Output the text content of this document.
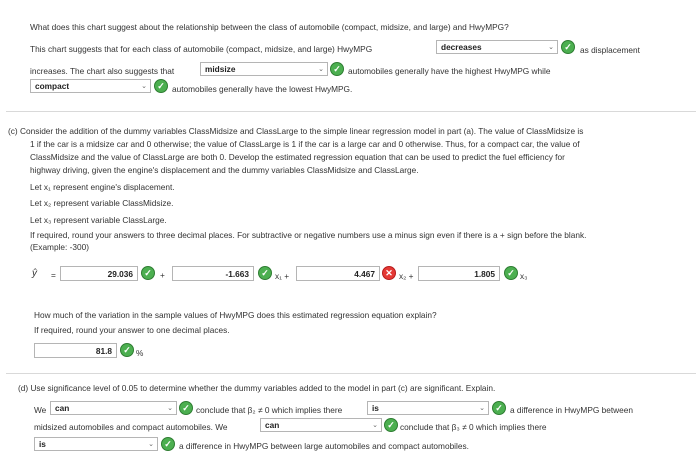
What does this chart suggest about the relationship between the class of automobile (compact, midsize, and large) and HwyMPG?
This chart suggests that for each class of automobile (compact, midsize, and large) HwyMPG	decreases	⌄	✓ as displacement
increases. The chart also suggests that	midsize	⌄	✓ automobiles generally have the highest HwyMPG while
compact	⌄	✓ automobiles generally have the lowest HwyMPG.
(c) Consider the addition of the dummy variables ClassMidsize and ClassLarge to the simple linear regression model in part (a). The value of ClassMidsize is
1 if the car is a midsize car and 0 otherwise; the value of ClassLarge is 1 if the car is a large car and 0 otherwise. Thus, for a compact car, the value of
ClassMidsize and the value of ClassLarge are both 0. Develop the estimated regression equation that can be used to predict the fuel efficiency for
highway driving, given the engine's displacement and the dummy variables ClassMidsize and ClassLarge.
Let x₁ represent engine's displacement.
Let x₂ represent variable ClassMidsize.
Let x₃ represent variable ClassLarge.
If required, round your answers to three decimal places. For subtractive or negative numbers use a minus sign even if there is a + sign before the blank.
(Example: -300)
ŷ =	29.036	✓ +	-1.663	✓ x₁ +	4.467	✕ x₂ +	1.805	✓ x₃
How much of the variation in the sample values of HwyMPG does this estimated regression equation explain?
If required, round your answer to one decimal places.
81.8	✓ %
(d) Use significance level of 0.05 to determine whether the dummy variables added to the model in part (c) are significant. Explain.
We	can	⌄	✓ conclude that β₂ ≠ 0 which implies there	is	⌄	✓ a difference in HwyMPG between
midsized automobiles and compact automobiles. We	can	⌄	✓ conclude that β₃ ≠ 0 which implies there
is	⌄	✓ a difference in HwyMPG between large automobiles and compact automobiles.
